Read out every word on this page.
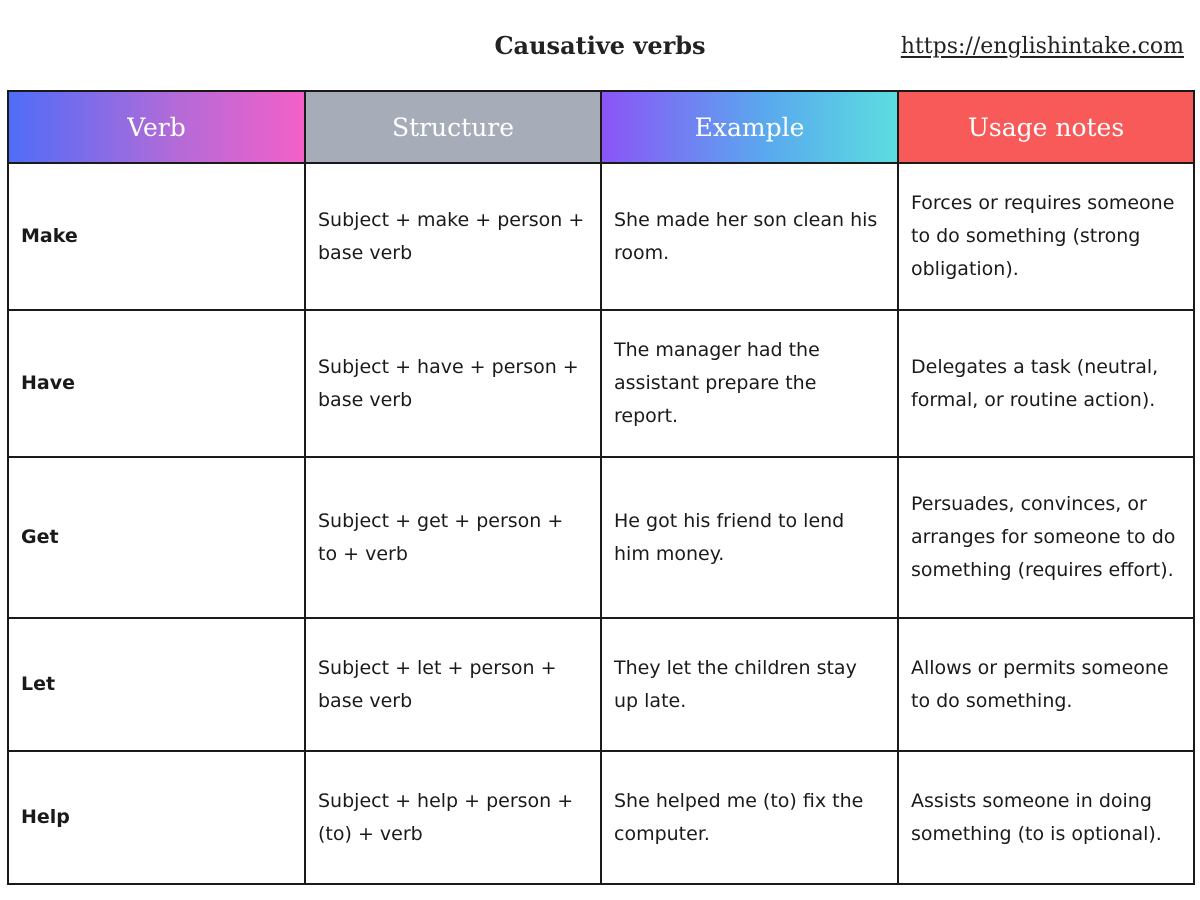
Causative verbs	https://englishintake.com
Verb	Structure	Example	Usage notes
Make	Subject + make + person + base verb	She made her son clean his room.	Forces or requires someone to do something (strong obligation).
Have	Subject + have + person + base verb	The manager had the assistant prepare the report.	Delegates a task (neutral, formal, or routine action).
Get	Subject + get + person + to + verb	He got his friend to lend him money.	Persuades, convinces, or arranges for someone to do something (requires effort).
Let	Subject + let + person + base verb	They let the children stay up late.	Allows or permits someone to do something.
Help	Subject + help + person + (to) + verb	She helped me (to) fix the computer.	Assists someone in doing something (to is optional).
